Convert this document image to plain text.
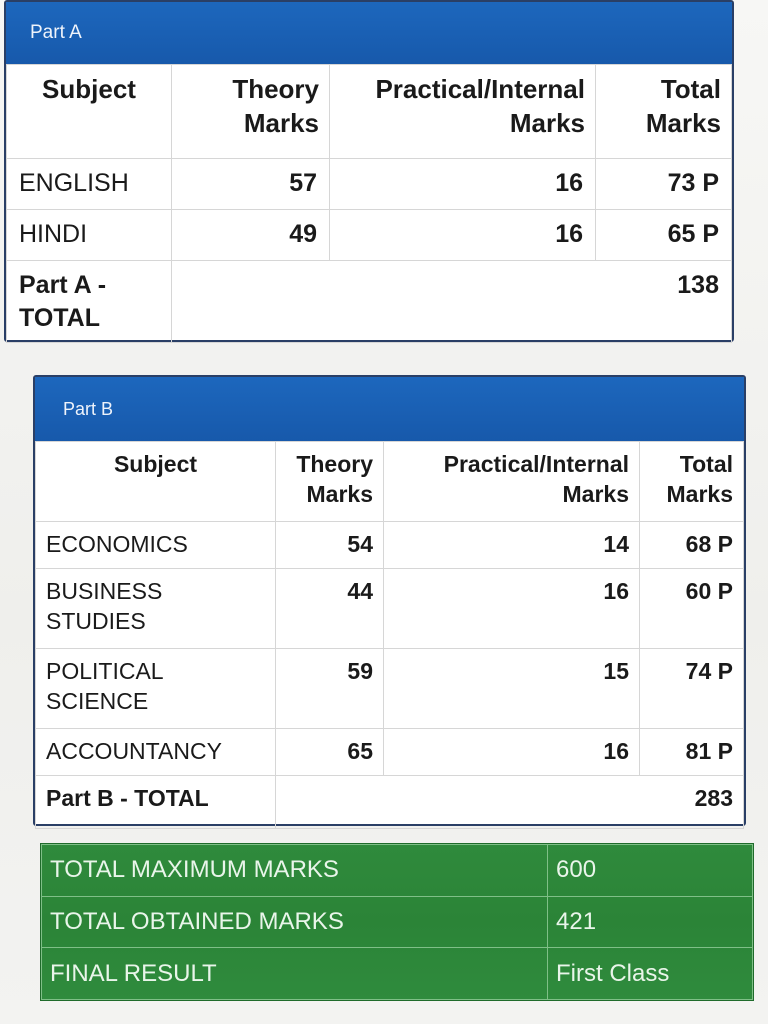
Part A
Subject	Theory Marks	Practical/Internal Marks	Total Marks
ENGLISH	57	16	73 P
HINDI	49	16	65 P
Part A - TOTAL	138		
Part B
Subject	Theory Marks	Practical/Internal Marks	Total Marks
ECONOMICS	54	14	68 P
BUSINESS STUDIES	44	16	60 P
POLITICAL SCIENCE	59	15	74 P
ACCOUNTANCY	65	16	81 P
Part B - TOTAL	283		
TOTAL MAXIMUM MARKS	600
TOTAL OBTAINED MARKS	421
FINAL RESULT	First Class
